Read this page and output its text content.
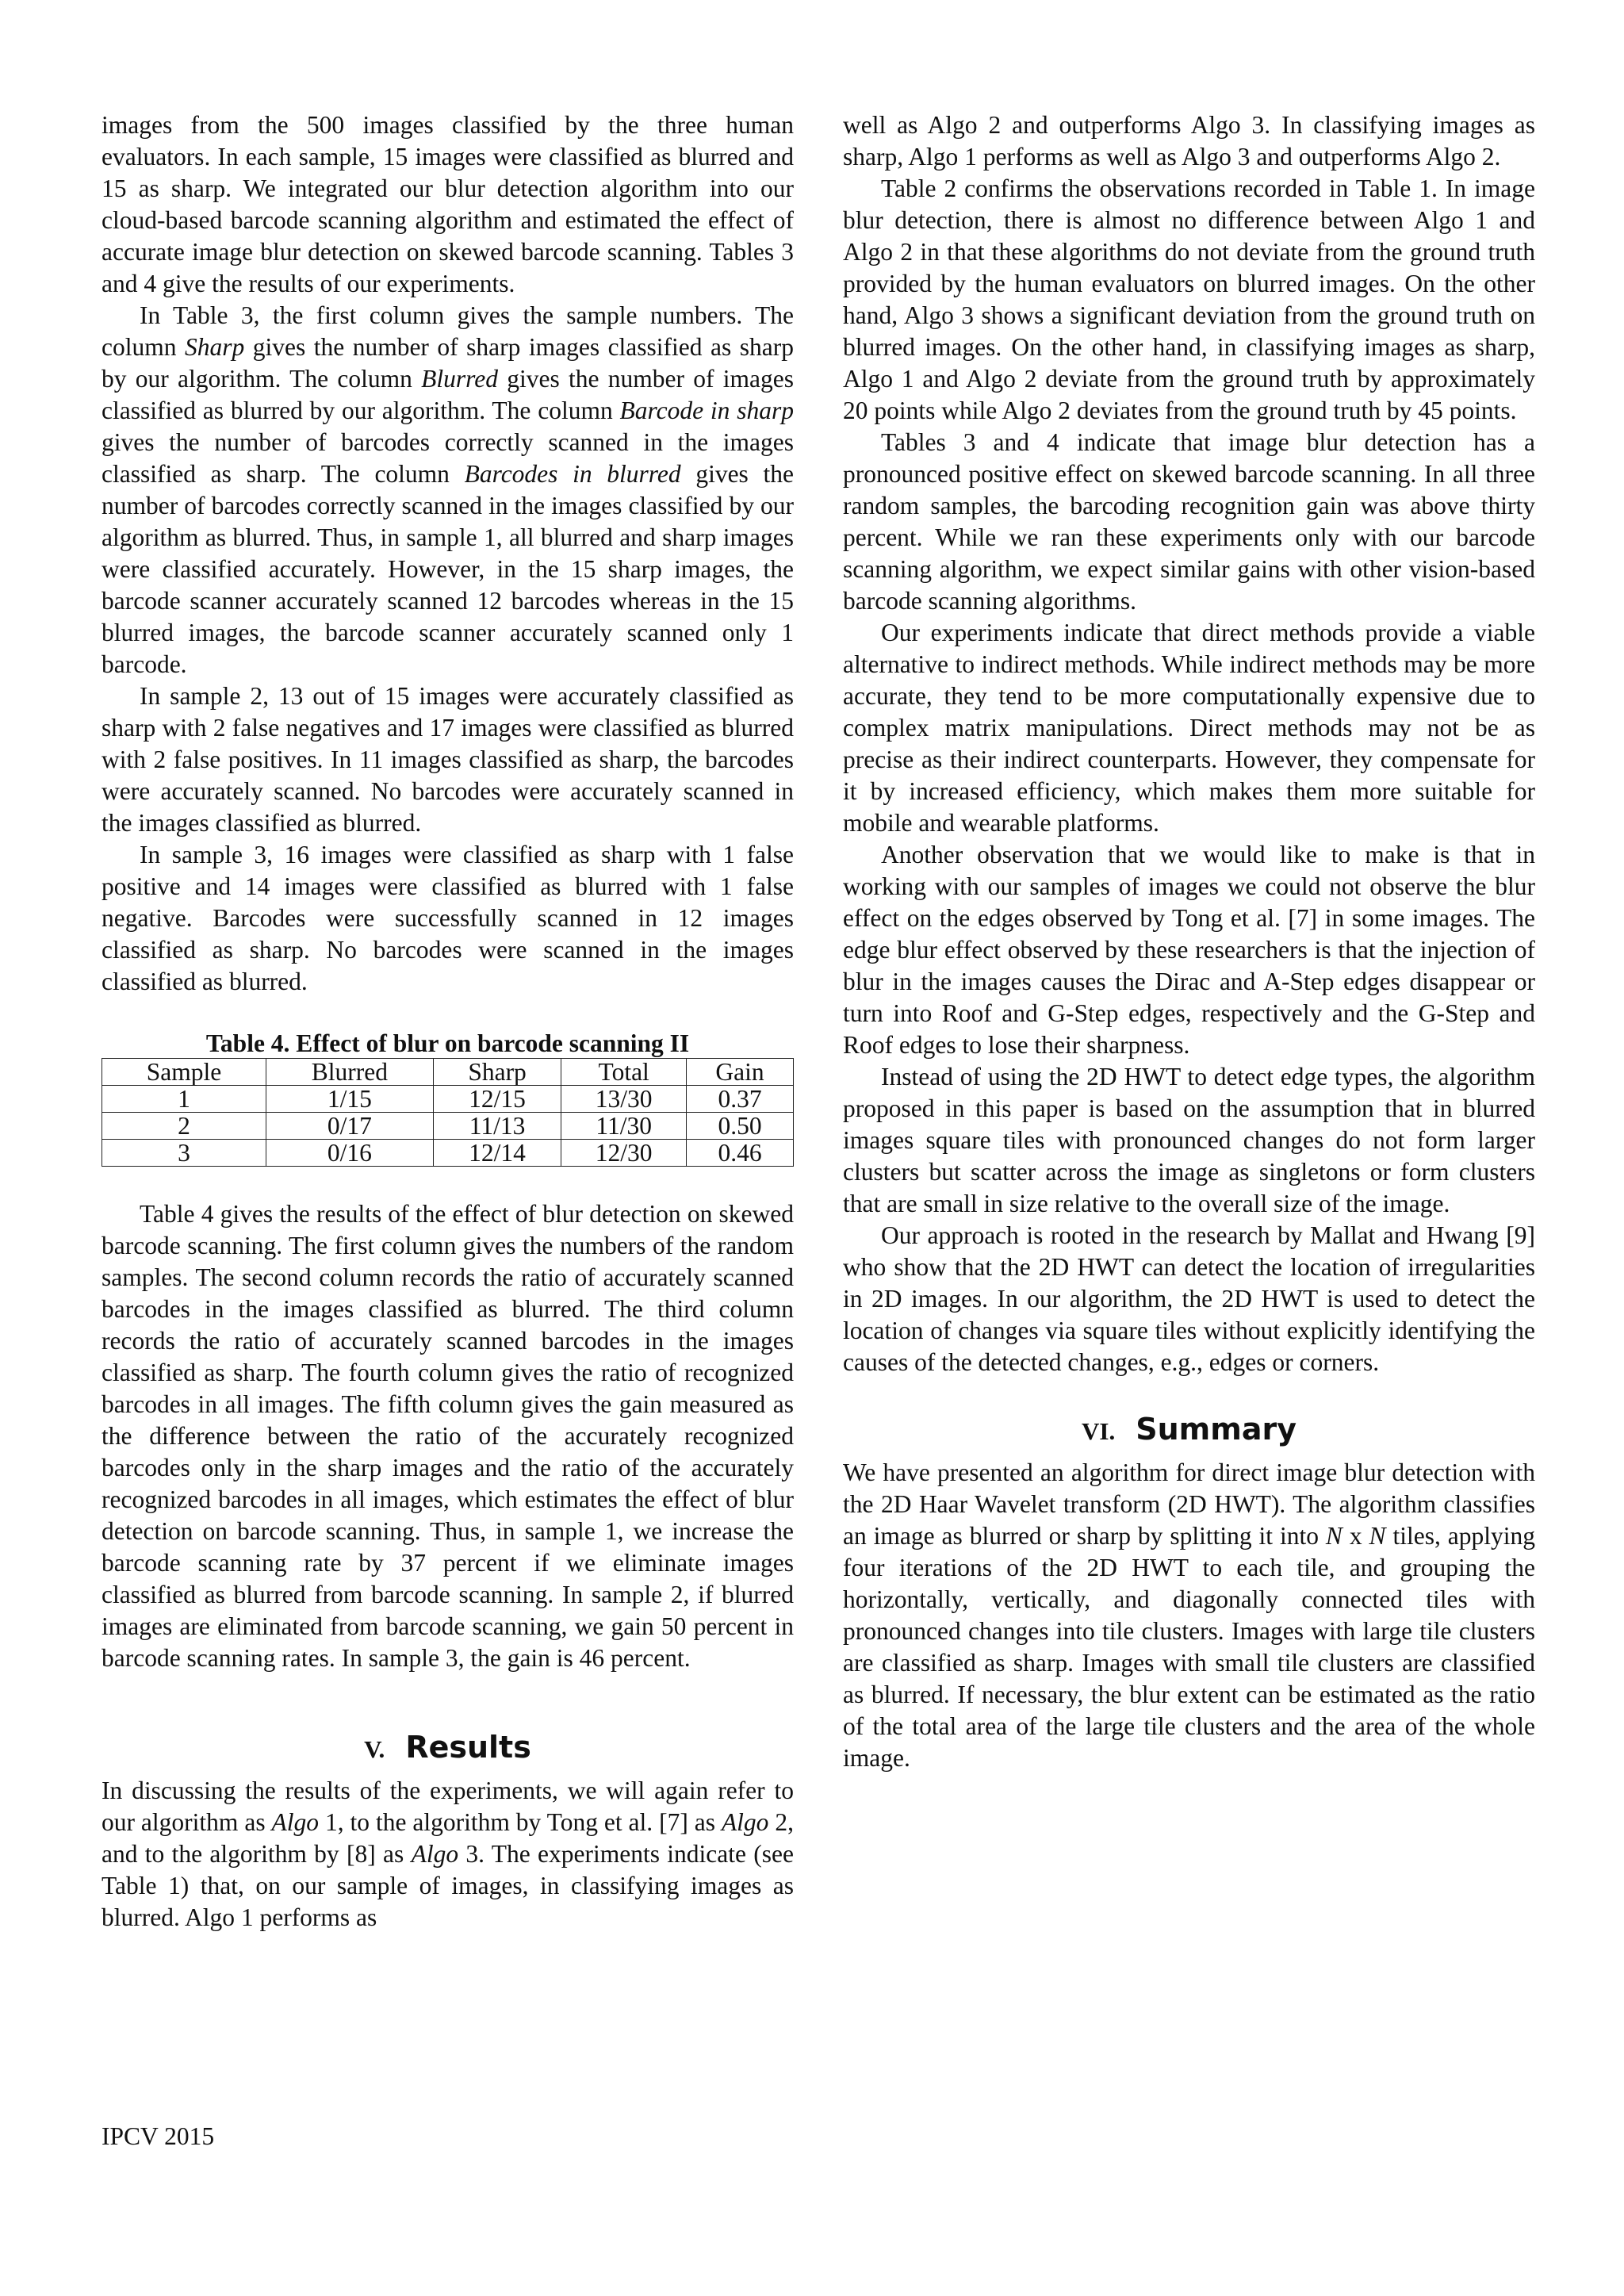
images from the 500 images classified by the three human evaluators. In each sample, 15 images were classified as blurred and 15 as sharp. We integrated our blur detection algorithm into our cloud-based barcode scanning algorithm and estimated the effect of accurate image blur detection on skewed barcode scanning. Tables 3 and 4 give the results of our experiments.

In Table 3, the first column gives the sample numbers. The column Sharp gives the number of sharp images classified as sharp by our algorithm. The column Blurred gives the number of images classified as blurred by our algorithm. The column Barcode in sharp gives the number of barcodes correctly scanned in the images classified as sharp. The column Barcodes in blurred gives the number of barcodes correctly scanned in the images classified by our algorithm as blurred. Thus, in sample 1, all blurred and sharp images were classified accurately. However, in the 15 sharp images, the barcode scanner accurately scanned 12 barcodes whereas in the 15 blurred images, the barcode scanner accurately scanned only 1 barcode.

In sample 2, 13 out of 15 images were accurately classified as sharp with 2 false negatives and 17 images were classified as blurred with 2 false positives. In 11 images classified as sharp, the barcodes were accurately scanned. No barcodes were accurately scanned in the images classified as blurred.

In sample 3, 16 images were classified as sharp with 1 false positive and 14 images were classified as blurred with 1 false negative. Barcodes were successfully scanned in 12 images classified as sharp. No barcodes were scanned in the images classified as blurred.

Table 4. Effect of blur on barcode scanning II
Sample	Blurred	Sharp	Total	Gain
1	1/15	12/15	13/30	0.37
2	0/17	11/13	11/30	0.50
3	0/16	12/14	12/30	0.46

Table 4 gives the results of the effect of blur detection on skewed barcode scanning. The first column gives the numbers of the random samples. The second column records the ratio of accurately scanned barcodes in the images classified as blurred. The third column records the ratio of accurately scanned barcodes in the images classified as sharp. The fourth column gives the ratio of recognized barcodes in all images. The fifth column gives the gain measured as the difference between the ratio of the accurately recognized barcodes only in the sharp images and the ratio of the accurately recognized barcodes in all images, which estimates the effect of blur detection on barcode scanning. Thus, in sample 1, we increase the barcode scanning rate by 37 percent if we eliminate images classified as blurred from barcode scanning. In sample 2, if blurred images are eliminated from barcode scanning, we gain 50 percent in barcode scanning rates. In sample 3, the gain is 46 percent.

V. Results

In discussing the results of the experiments, we will again refer to our algorithm as Algo 1, to the algorithm by Tong et al. [7] as Algo 2, and to the algorithm by [8] as Algo 3. The experiments indicate (see Table 1) that, on our sample of images, in classifying images as blurred. Algo 1 performs as

well as Algo 2 and outperforms Algo 3. In classifying images as sharp, Algo 1 performs as well as Algo 3 and outperforms Algo 2.

Table 2 confirms the observations recorded in Table 1. In image blur detection, there is almost no difference between Algo 1 and Algo 2 in that these algorithms do not deviate from the ground truth provided by the human evaluators on blurred images. On the other hand, Algo 3 shows a significant deviation from the ground truth on blurred images. On the other hand, in classifying images as sharp, Algo 1 and Algo 2 deviate from the ground truth by approximately 20 points while Algo 2 deviates from the ground truth by 45 points.

Tables 3 and 4 indicate that image blur detection has a pronounced positive effect on skewed barcode scanning. In all three random samples, the barcoding recognition gain was above thirty percent. While we ran these experiments only with our barcode scanning algorithm, we expect similar gains with other vision-based barcode scanning algorithms.

Our experiments indicate that direct methods provide a viable alternative to indirect methods. While indirect methods may be more accurate, they tend to be more computationally expensive due to complex matrix manipulations. Direct methods may not be as precise as their indirect counterparts. However, they compensate for it by increased efficiency, which makes them more suitable for mobile and wearable platforms.

Another observation that we would like to make is that in working with our samples of images we could not observe the blur effect on the edges observed by Tong et al. [7] in some images. The edge blur effect observed by these researchers is that the injection of blur in the images causes the Dirac and A-Step edges disappear or turn into Roof and G-Step edges, respectively and the G-Step and Roof edges to lose their sharpness.

Instead of using the 2D HWT to detect edge types, the algorithm proposed in this paper is based on the assumption that in blurred images square tiles with pronounced changes do not form larger clusters but scatter across the image as singletons or form clusters that are small in size relative to the overall size of the image.

Our approach is rooted in the research by Mallat and Hwang [9] who show that the 2D HWT can detect the location of irregularities in 2D images. In our algorithm, the 2D HWT is used to detect the location of changes via square tiles without explicitly identifying the causes of the detected changes, e.g., edges or corners.

VI. Summary

We have presented an algorithm for direct image blur detection with the 2D Haar Wavelet transform (2D HWT). The algorithm classifies an image as blurred or sharp by splitting it into N x N tiles, applying four iterations of the 2D HWT to each tile, and grouping the horizontally, vertically, and diagonally connected tiles with pronounced changes into tile clusters. Images with large tile clusters are classified as sharp. Images with small tile clusters are classified as blurred. If necessary, the blur extent can be estimated as the ratio of the total area of the large tile clusters and the area of the whole image.

IPCV 2015
